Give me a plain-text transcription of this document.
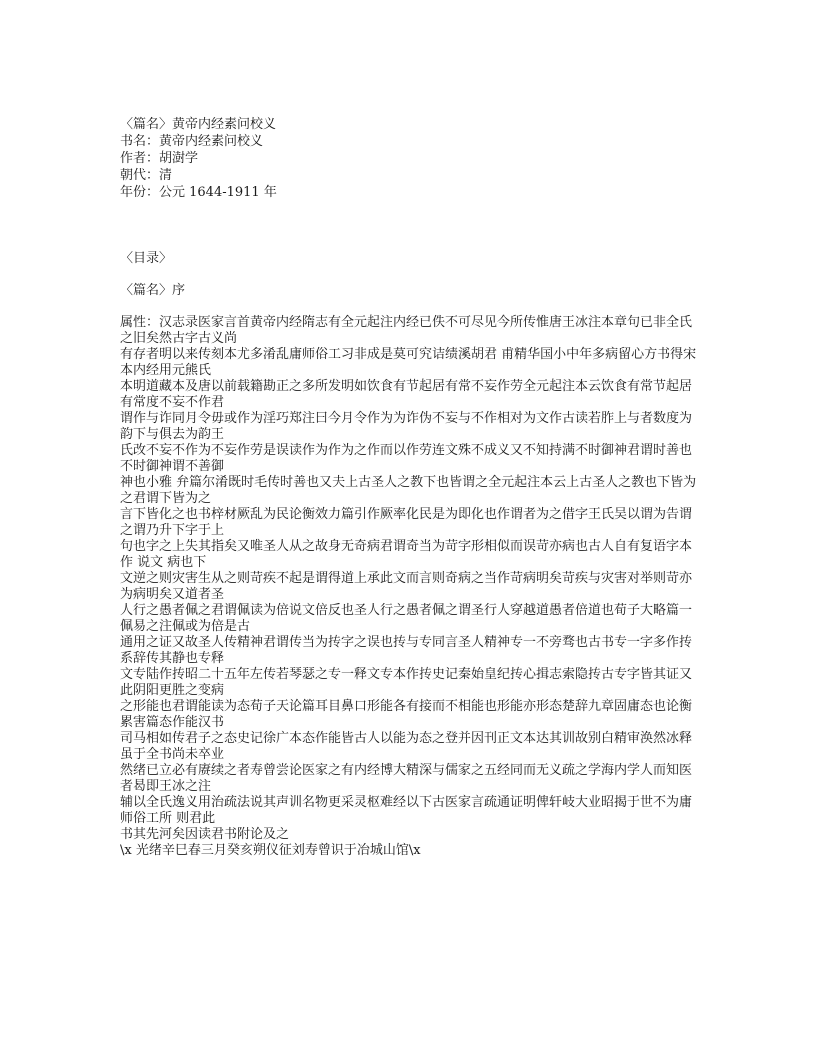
〈篇名〉黄帝内经素问校义
书名：黄帝内经素问校义
作者：胡澍学
朝代：清
年份：公元 1644-1911 年
〈目录〉
〈篇名〉序
属性：汉志录医家言首黄帝内经隋志有全元起注内经已佚不可尽见今所传惟唐王冰注本章句已非全氏之旧矣然古字古义尚
有存者明以来传刻本尤多淆乱庸师俗工习非成是莫可究诘绩溪胡君 甫精华国小中年多病留心方书得宋本内经用元熊氏
本明道藏本及唐以前载籍勘正之多所发明如饮食有节起居有常不妄作劳全元起注本云饮食有常节起居有常度不妄不作君
谓作与诈同月令毋或作为淫巧郑注曰今月令作为为诈伪不妄与不作相对为文作古读若胙上与者数度为韵下与俱去为韵王
氏改不妄不作为不妄作劳是误读作为作为之作而以作劳连文殊不成义又不知持满不时御神君谓时善也不时御神谓不善御
神也小雅 弁篇尔淆既时毛传时善也又夫上古圣人之教下也皆谓之全元起注本云上古圣人之教也下皆为之君谓下皆为之
言下皆化之也书梓材厥乱为民论衡效力篇引作厥率化民是为即化也作谓者为之借字王氏吴以谓为告谓之谓乃升下字于上
句也字之上失其指矣又唯圣人从之故身无奇病君谓奇当为苛字形相似而误苛亦病也古人自有复语字本作 说文 病也下
文逆之则灾害生从之则苛疾不起是谓得道上承此文而言则奇病之当作苛病明矣苛疾与灾害对举则苛亦为病明矣又道者圣
人行之愚者佩之君谓佩读为倍说文倍反也圣人行之愚者佩之谓圣行人穿越道愚者倍道也荀子大略篇一佩易之注佩或为倍是古
通用之证又故圣人传精神君谓传当为抟字之误也抟与专同言圣人精神专一不旁骛也古书专一字多作抟系辞传其静也专释
文专陆作抟昭二十五年左传若琴瑟之专一释文专本作抟史记秦始皇纪抟心揖志索隐抟古专字皆其证又此阴阳更胜之变病
之形能也君谓能读为态荀子天论篇耳目鼻口形能各有接而不相能也形能亦形态楚辞九章固庸态也论衡累害篇态作能汉书
司马相如传君子之态史记徐广本态作能皆古人以能为态之登并因刊正文本达其训故别白精审涣然冰释虽于全书尚未卒业
然绪已立必有赓续之者寿曾尝论医家之有内经博大精深与儒家之五经同而无义疏之学海内学人而知医者曷即王冰之注
辅以全氏逸义用治疏法说其声训名物更采灵枢难经以下古医家言疏通证明俾轩岐大业昭揭于世不为庸师俗工所 则君此
书其先河矣因读君书附论及之
\x 光绪辛巳春三月癸亥朔仪征刘寿曾识于冶城山馆\x
